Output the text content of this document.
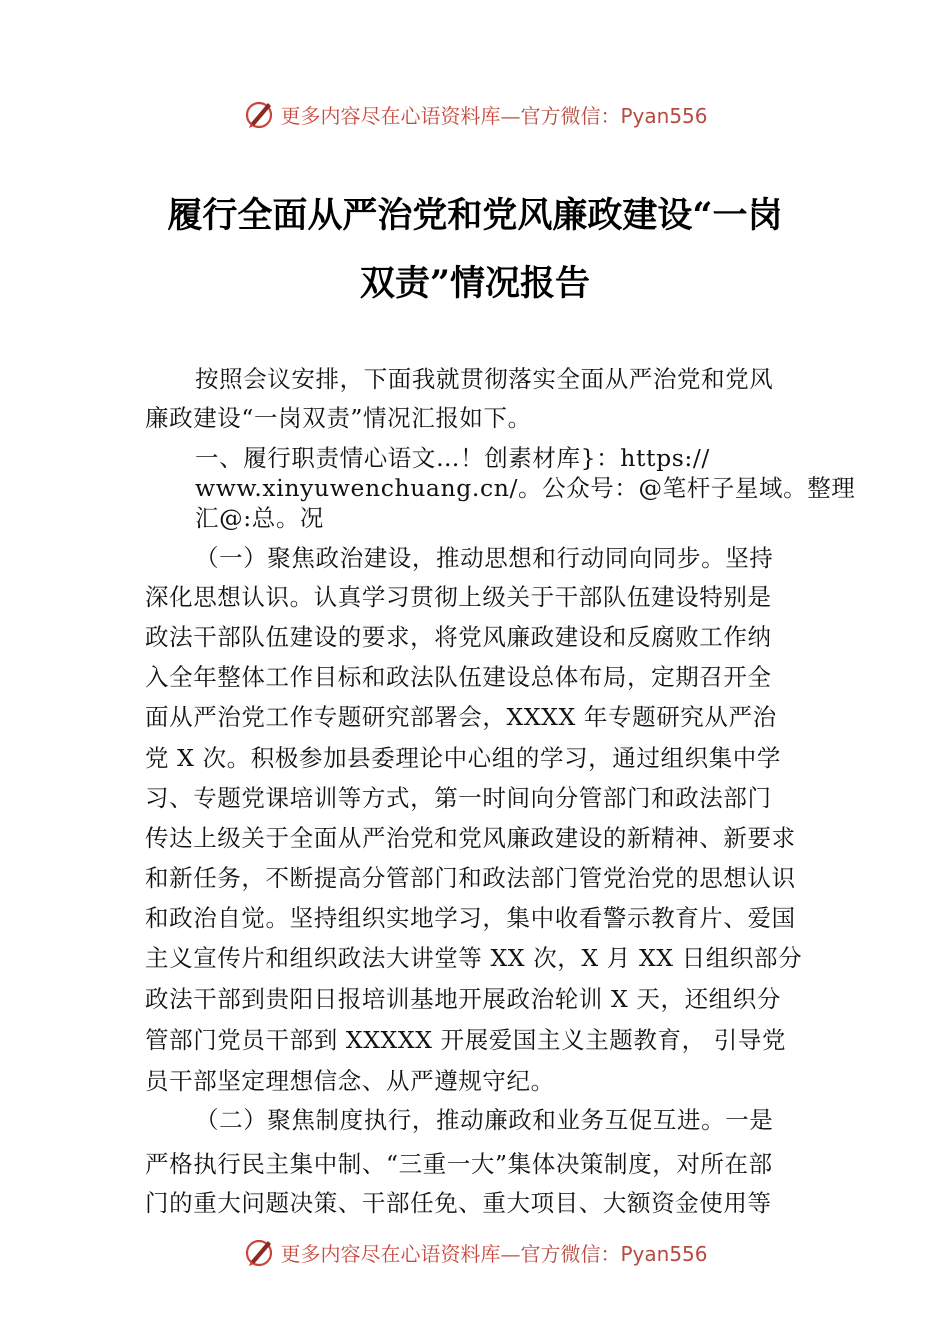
更多内容尽在心语资料库—官方微信：Pyan556
履行全面从严治党和党风廉政建设“一岗
双责”情况报告
按照会议安排，下面我就贯彻落实全面从严治党和党风
廉政建设“一岗双责”情况汇报如下。
一、履行职责情心语文…！创素材库}：https://
www.xinyuwenchuang.cn/。公众号：@笔杆子星域。整理
汇@:总。况
（一）聚焦政治建设，推动思想和行动同向同步。坚持
深化思想认识。认真学习贯彻上级关于干部队伍建设特别是
政法干部队伍建设的要求，将党风廉政建设和反腐败工作纳
入全年整体工作目标和政法队伍建设总体布局，定期召开全
面从严治党工作专题研究部署会，XXXX 年专题研究从严治
党 X 次。积极参加县委理论中心组的学习，通过组织集中学
习、专题党课培训等方式，第一时间向分管部门和政法部门
传达上级关于全面从严治党和党风廉政建设的新精神、新要求
和新任务，不断提高分管部门和政法部门管党治党的思想认识
和政治自觉。坚持组织实地学习，集中收看警示教育片、爱国
主义宣传片和组织政法大讲堂等 XX 次，X 月 XX 日组织部分
政法干部到贵阳日报培训基地开展政治轮训 X 天，还组织分
管部门党员干部到 XXXXX 开展爱国主义主题教育， 引导党
员干部坚定理想信念、从严遵规守纪。
（二）聚焦制度执行，推动廉政和业务互促互进。一是
严格执行民主集中制、“三重一大”集体决策制度，对所在部
门的重大问题决策、干部任免、重大项目、大额资金使用等
更多内容尽在心语资料库—官方微信：Pyan556
